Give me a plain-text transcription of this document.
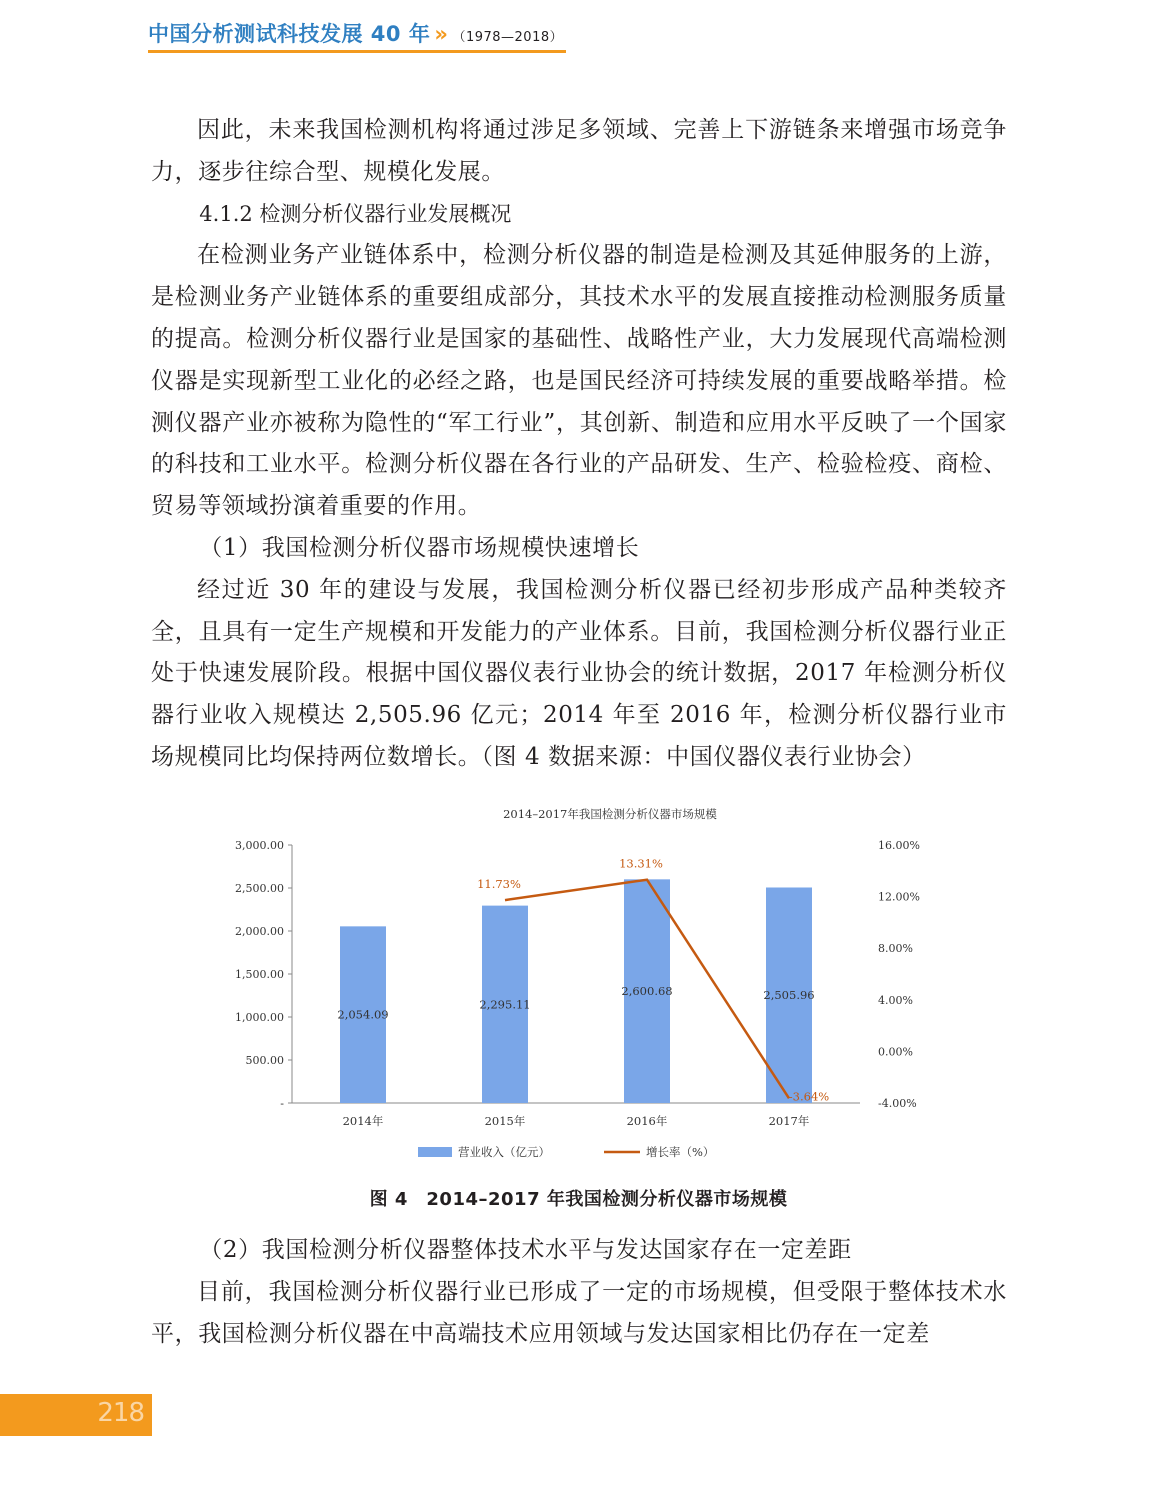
中国分析测试科技发展 40 年 » （1978—2018）

因此，未来我国检测机构将通过涉足多领域、完善上下游链条来增强市场竞争力，逐步往综合型、规模化发展。

4.1.2 检测分析仪器行业发展概况

在检测业务产业链体系中，检测分析仪器的制造是检测及其延伸服务的上游，是检测业务产业链体系的重要组成部分，其技术水平的发展直接推动检测服务质量的提高。检测分析仪器行业是国家的基础性、战略性产业，大力发展现代高端检测仪器是实现新型工业化的必经之路，也是国民经济可持续发展的重要战略举措。检测仪器产业亦被称为隐性的“军工行业”，其创新、制造和应用水平反映了一个国家的科技和工业水平。检测分析仪器在各行业的产品研发、生产、检验检疫、商检、贸易等领域扮演着重要的作用。

（1）我国检测分析仪器市场规模快速增长

经过近 30 年的建设与发展，我国检测分析仪器已经初步形成产品种类较齐全，且具有一定生产规模和开发能力的产业体系。目前，我国检测分析仪器行业正处于快速发展阶段。根据中国仪器仪表行业协会的统计数据，2017 年检测分析仪器行业收入规模达 2,505.96 亿元；2014 年至 2016 年，检测分析仪器行业市场规模同比均保持两位数增长。（图 4 数据来源：中国仪器仪表行业协会）

2014–2017年我国检测分析仪器市场规模
-
500.00
1,000.00
1,500.00
2,000.00
2,500.00
3,000.00
-4.00%
0.00%
4.00%
8.00%
12.00%
16.00%
2,054.09
2,295.11
2,600.68	2,505.96
2014年	2015年	2016年	2017年
11.73%
13.31%
-3.64%
营业收入（亿元）	增长率（%）
图 4　2014–2017 年我国检测分析仪器市场规模

（2）我国检测分析仪器整体技术水平与发达国家存在一定差距

目前，我国检测分析仪器行业已形成了一定的市场规模，但受限于整体技术水平，我国检测分析仪器在中高端技术应用领域与发达国家相比仍存在一定差

218
